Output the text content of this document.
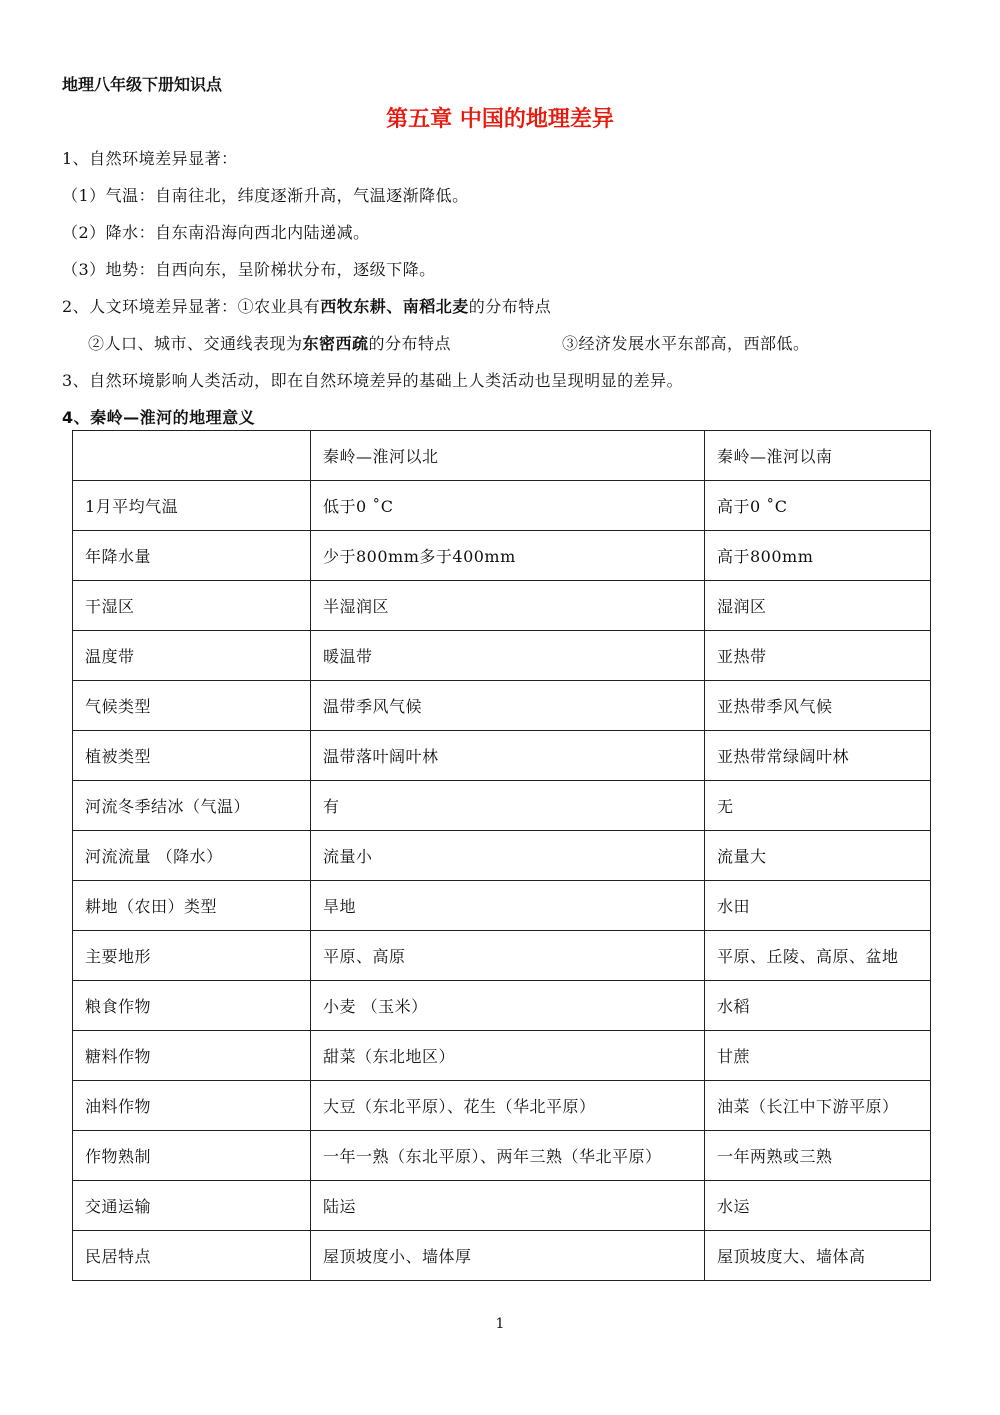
地理八年级下册知识点
第五章 中国的地理差异
1、自然环境差异显著：
（1）气温：自南往北，纬度逐渐升高，气温逐渐降低。
（2）降水：自东南沿海向西北内陆递减。
（3）地势：自西向东，呈阶梯状分布，逐级下降。
2、人文环境差异显著：①农业具有西牧东耕、南稻北麦的分布特点
②人口、城市、交通线表现为东密西疏的分布特点	③经济发展水平东部高，西部低。
3、自然环境影响人类活动，即在自然环境差异的基础上人类活动也呈现明显的差异。
4、秦岭—淮河的地理意义
	秦岭—淮河以北	秦岭—淮河以南
1月平均气温	低于0 ˚C	高于0 ˚C
年降水量	少于800mm多于400mm	高于800mm
干湿区	半湿润区	湿润区
温度带	暖温带	亚热带
气候类型	温带季风气候	亚热带季风气候
植被类型	温带落叶阔叶林	亚热带常绿阔叶林
河流冬季结冰（气温）	有	无
河流流量 （降水）	流量小	流量大
耕地（农田）类型	旱地	水田
主要地形	平原、高原	平原、丘陵、高原、盆地
粮食作物	小麦 （玉米）	水稻
糖料作物	甜菜（东北地区）	甘蔗
油料作物	大豆（东北平原）、花生（华北平原）	油菜（长江中下游平原）
作物熟制	一年一熟（东北平原）、两年三熟（华北平原）	一年两熟或三熟
交通运输	陆运	水运
民居特点	屋顶坡度小、墙体厚	屋顶坡度大、墙体高
1
